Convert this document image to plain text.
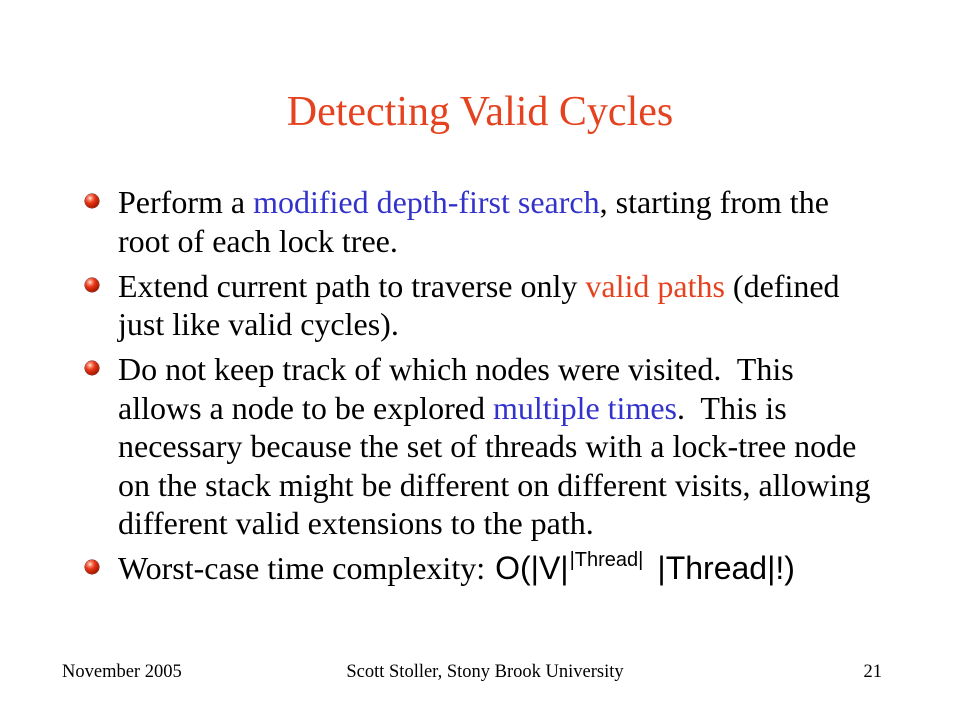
Detecting Valid Cycles
Perform a modified depth-first search, starting from the
root of each lock tree.
Extend current path to traverse only valid paths (defined
just like valid cycles).
Do not keep track of which nodes were visited.  This
allows a node to be explored multiple times.  This is
necessary because the set of threads with a lock-tree node
on the stack might be different on different visits, allowing
different valid extensions to the path.
Worst-case time complexity: $O(|V|^{|Thread|}$ |Thread|!)
November 2005	Scott Stoller, Stony Brook University	21
